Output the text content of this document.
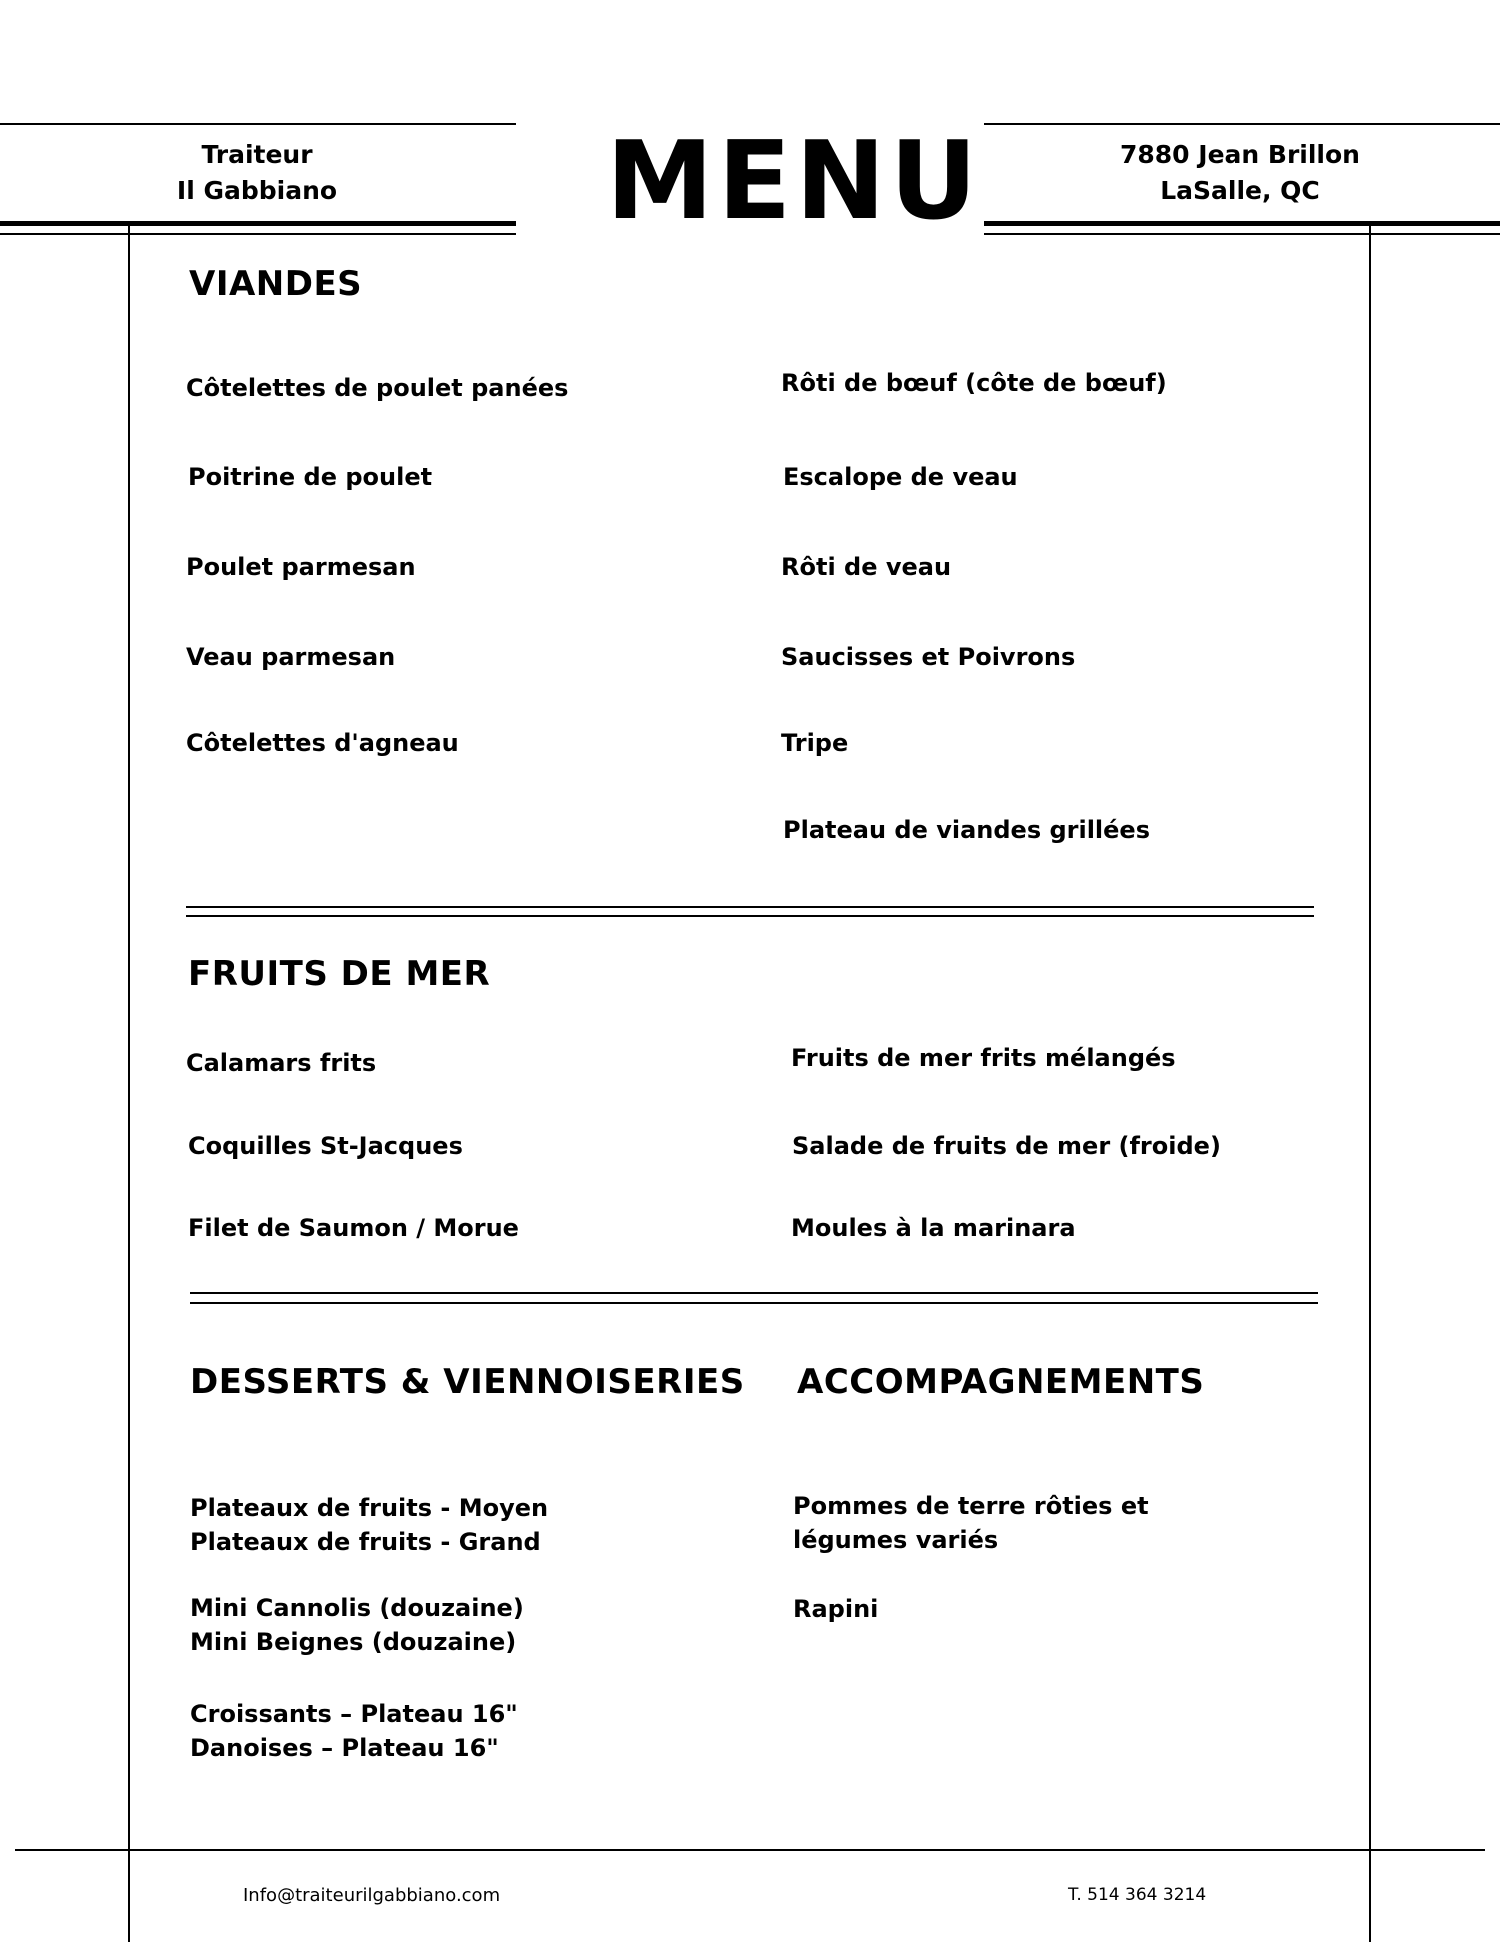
Traiteur
Il Gabbiano	MENU	7880 Jean Brillon
LaSalle, QC
VIANDES
Côtelettes de poulet panées
Poitrine de poulet
Poulet parmesan
Veau parmesan
Côtelettes d'agneau
Rôti de bœuf (côte de bœuf)
Escalope de veau
Rôti de veau
Saucisses et Poivrons
Tripe
Plateau de viandes grillées
FRUITS DE MER
Calamars frits
Coquilles St-Jacques
Filet de Saumon / Morue
Fruits de mer frits mélangés
Salade de fruits de mer (froide)
Moules à la marinara
DESSERTS & VIENNOISERIES
Plateaux de fruits - Moyen
Plateaux de fruits - Grand
Mini Cannolis (douzaine)
Mini Beignes (douzaine)
Croissants – Plateau 16"
Danoises – Plateau 16"
ACCOMPAGNEMENTS
Pommes de terre rôties et
légumes variés
Rapini
Info@traiteurilgabbiano.com	T. 514 364 3214
